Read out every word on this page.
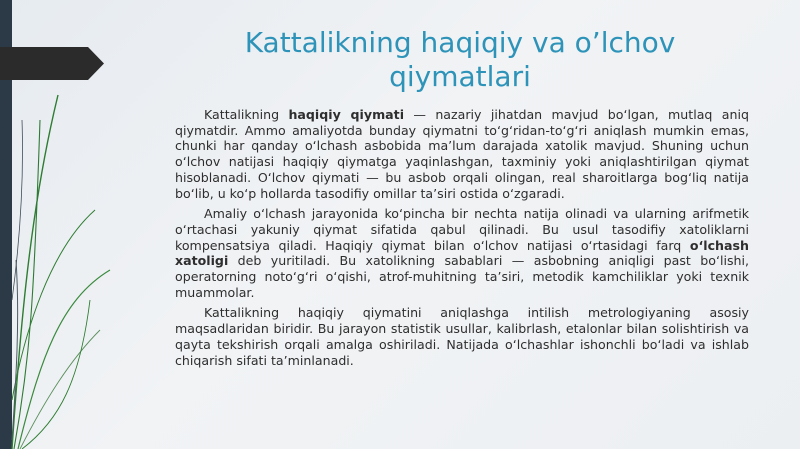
Kattalikning haqiqiy va o’lchov qiymatlari

Kattalikning haqiqiy qiymati — nazariy jihatdan mavjud bo‘lgan, mutlaq aniq qiymatdir. Ammo amaliyotda bunday qiymatni to‘g‘ridan-to‘g‘ri aniqlash mumkin emas, chunki har qanday o‘lchash asbobida ma’lum darajada xatolik mavjud. Shuning uchun o‘lchov natijasi haqiqiy qiymatga yaqinlashgan, taxminiy yoki aniqlashtirilgan qiymat hisoblanadi. O‘lchov qiymati — bu asbob orqali olingan, real sharoitlarga bog‘liq natija bo‘lib, u ko‘p hollarda tasodifiy omillar ta’siri ostida o‘zgaradi.

Amaliy o‘lchash jarayonida ko‘pincha bir nechta natija olinadi va ularning arifmetik o‘rtachasi yakuniy qiymat sifatida qabul qilinadi. Bu usul tasodifiy xatoliklarni kompensatsiya qiladi. Haqiqiy qiymat bilan o‘lchov natijasi o‘rtasidagi farq o‘lchash xatoligi deb yuritiladi. Bu xatolikning sabablari — asbobning aniqligi past bo‘lishi, operatorning noto‘g‘ri o‘qishi, atrof-muhitning ta’siri, metodik kamchiliklar yoki texnik muammolar.

Kattalikning haqiqiy qiymatini aniqlashga intilish metrologiyaning asosiy maqsadlaridan biridir. Bu jarayon statistik usullar, kalibrlash, etalonlar bilan solishtirish va qayta tekshirish orqali amalga oshiriladi. Natijada o‘lchashlar ishonchli bo‘ladi va ishlab chiqarish sifati ta’minlanadi.
